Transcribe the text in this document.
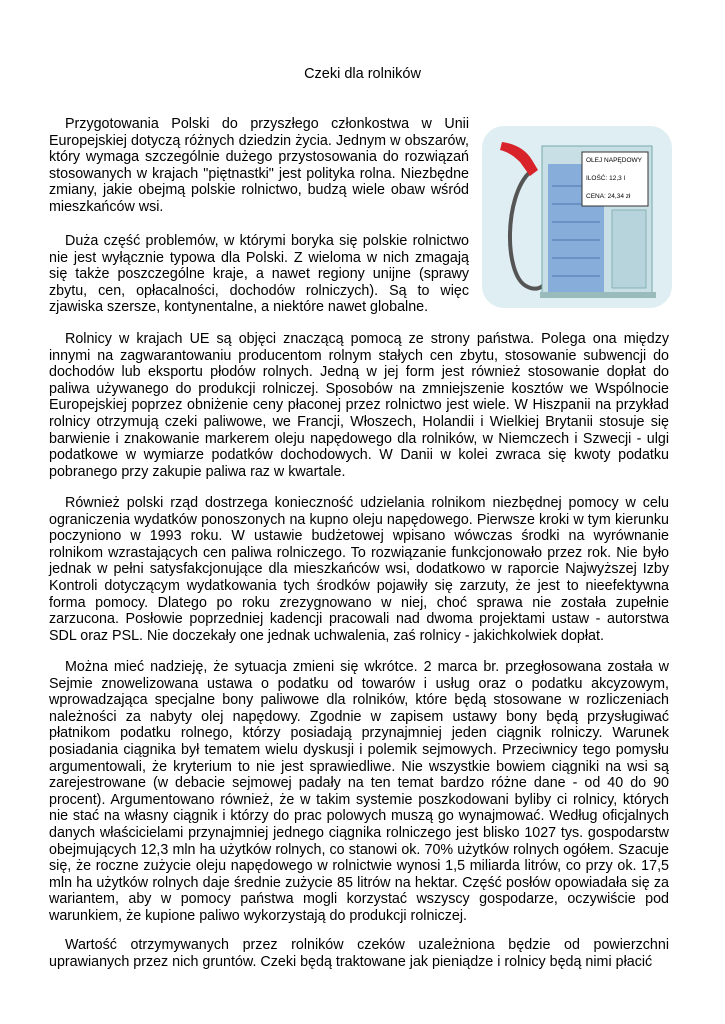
Czeki dla rolników

Przygotowania Polski do przyszłego członkostwa w Unii Europejskiej dotyczą różnych dziedzin życia. Jednym w obszarów, który wymaga szczególnie dużego przystosowania do rozwiązań stosowanych w krajach "piętnastki" jest polityka rolna. Niezbędne zmiany, jakie obejmą polskie rolnictwo, budzą wiele obaw wśród mieszkańców wsi.

Duża część problemów, w którymi boryka się polskie rolnictwo nie jest wyłącznie typowa dla Polski. Z wieloma w nich zmagają się także poszczególne kraje, a nawet regiony unijne (sprawy zbytu, cen, opłacalności, dochodów rolniczych). Są to więc zjawiska szersze, kontynentalne, a niektóre nawet globalne.

OLEJ NAPĘDOWY
ILOŚĆ: 12,3 l
CENA: 24,34 zł

Rolnicy w krajach UE są objęci znaczącą pomocą ze strony państwa. Polega ona między innymi na zagwarantowaniu producentom rolnym stałych cen zbytu, stosowanie subwencji do dochodów lub eksportu płodów rolnych. Jedną w jej form jest również stosowanie dopłat do paliwa używanego do produkcji rolniczej. Sposobów na zmniejszenie kosztów we Wspólnocie Europejskiej poprzez obniżenie ceny płaconej przez rolnictwo jest wiele. W Hiszpanii na przykład rolnicy otrzymują czeki paliwowe, we Francji, Włoszech, Holandii i Wielkiej Brytanii stosuje się barwienie i znakowanie markerem oleju napędowego dla rolników, w Niemczech i Szwecji - ulgi podatkowe w wymiarze podatków dochodowych. W Danii w kolei zwraca się kwoty podatku pobranego przy zakupie paliwa raz w kwartale.

Również polski rząd dostrzega konieczność udzielania rolnikom niezbędnej pomocy w celu ograniczenia wydatków ponoszonych na kupno oleju napędowego. Pierwsze kroki w tym kierunku poczyniono w 1993 roku. W ustawie budżetowej wpisano wówczas środki na wyrównanie rolnikom wzrastających cen paliwa rolniczego. To rozwiązanie funkcjonowało przez rok. Nie było jednak w pełni satysfakcjonujące dla mieszkańców wsi, dodatkowo w raporcie Najwyższej Izby Kontroli dotyczącym wydatkowania tych środków pojawiły się zarzuty, że jest to nieefektywna forma pomocy. Dlatego po roku zrezygnowano w niej, choć sprawa nie została zupełnie zarzucona. Posłowie poprzedniej kadencji pracowali nad dwoma projektami ustaw - autorstwa SDL oraz PSL. Nie doczekały one jednak uchwalenia, zaś rolnicy - jakichkolwiek dopłat.

Można mieć nadzieję, że sytuacja zmieni się wkrótce. 2 marca br. przegłosowana została w Sejmie znowelizowana ustawa o podatku od towarów i usług oraz o podatku akcyzowym, wprowadzająca specjalne bony paliwowe dla rolników, które będą stosowane w rozliczeniach należności za nabyty olej napędowy. Zgodnie w zapisem ustawy bony będą przysługiwać płatnikom podatku rolnego, którzy posiadają przynajmniej jeden ciągnik rolniczy. Warunek posiadania ciągnika był tematem wielu dyskusji i polemik sejmowych. Przeciwnicy tego pomysłu argumentowali, że kryterium to nie jest sprawiedliwe. Nie wszystkie bowiem ciągniki na wsi są zarejestrowane (w debacie sejmowej padały na ten temat bardzo różne dane - od 40 do 90 procent). Argumentowano również, że w takim systemie poszkodowani byliby ci rolnicy, których nie stać na własny ciągnik i którzy do prac polowych muszą go wynajmować. Według oficjalnych danych właścicielami przynajmniej jednego ciągnika rolniczego jest blisko 1027 tys. gospodarstw obejmujących 12,3 mln ha użytków rolnych, co stanowi ok. 70% użytków rolnych ogółem. Szacuje się, że roczne zużycie oleju napędowego w rolnictwie wynosi 1,5 miliarda litrów, co przy ok. 17,5 mln ha użytków rolnych daje średnie zużycie 85 litrów na hektar. Część posłów opowiadała się za wariantem, aby w pomocy państwa mogli korzystać wszyscy gospodarze, oczywiście pod warunkiem, że kupione paliwo wykorzystają do produkcji rolniczej.

Wartość otrzymywanych przez rolników czeków uzależniona będzie od powierzchni uprawianych przez nich gruntów. Czeki będą traktowane jak pieniądze i rolnicy będą nimi płacić
